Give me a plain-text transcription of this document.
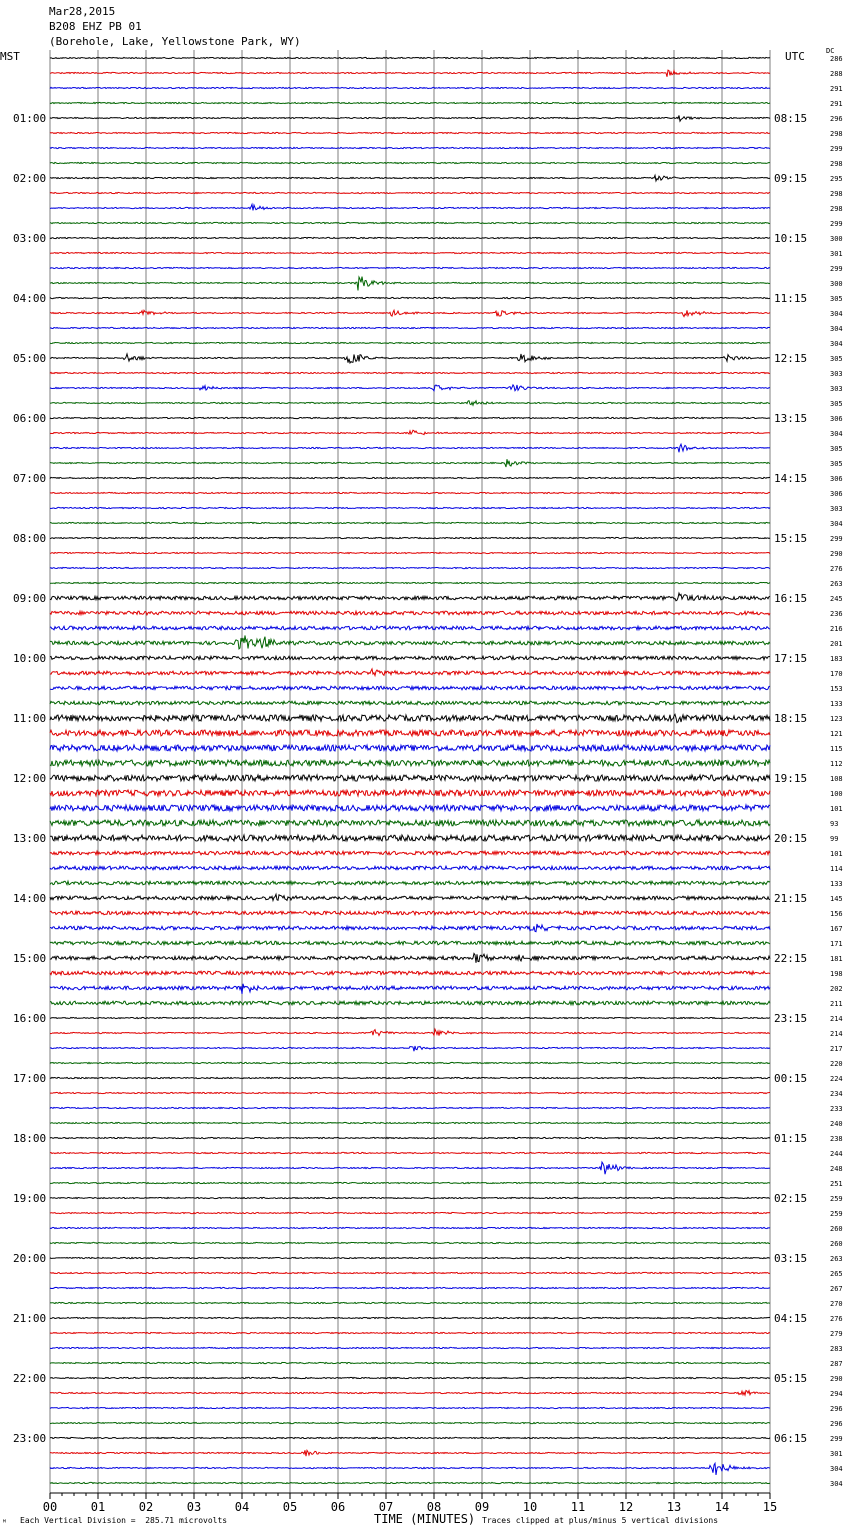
00	01	02	03	04	05	06	07	08	09	10	11	12	13	14	15
286
288
291
291
296
298
299
298
295
298
298
299
300
301
299
300
305
304
304
304
305
303
303
305
306
304
305
305
306
306
303
304
299
290
276
263
245
236
216
201
183
170
153
133
123
121
115
112
108
100
101
93
99
101
114
133
145
156
167
171
181
198
202
211
214
214
217
220
224
234
233
240
238
244
248
251
259
259
260
260
263
265
267
270
276
279
283
287
290
294
296
296
299
301
304
304
01:00
02:00
03:00
04:00
05:00
06:00
07:00
08:00
09:00
10:00
11:00
12:00
13:00
14:00
15:00
16:00
17:00
18:00
19:00
20:00
21:00
22:00
23:00
08:15
09:15
10:15
11:15
12:15
13:15
14:15
15:15
16:15
17:15
18:15
19:15
20:15
21:15
22:15
23:15
00:15
01:15
02:15
03:15
04:15
05:15
06:15
Mar28,2015
B208 EHZ PB 01
(Borehole, Lake, Yellowstone Park, WY)
MST	UTC	DC
TIME (MINUTES)
Each Vertical Division =  285.71 microvolts	Traces clipped at plus/minus 5 vertical divisions
ᴹ
